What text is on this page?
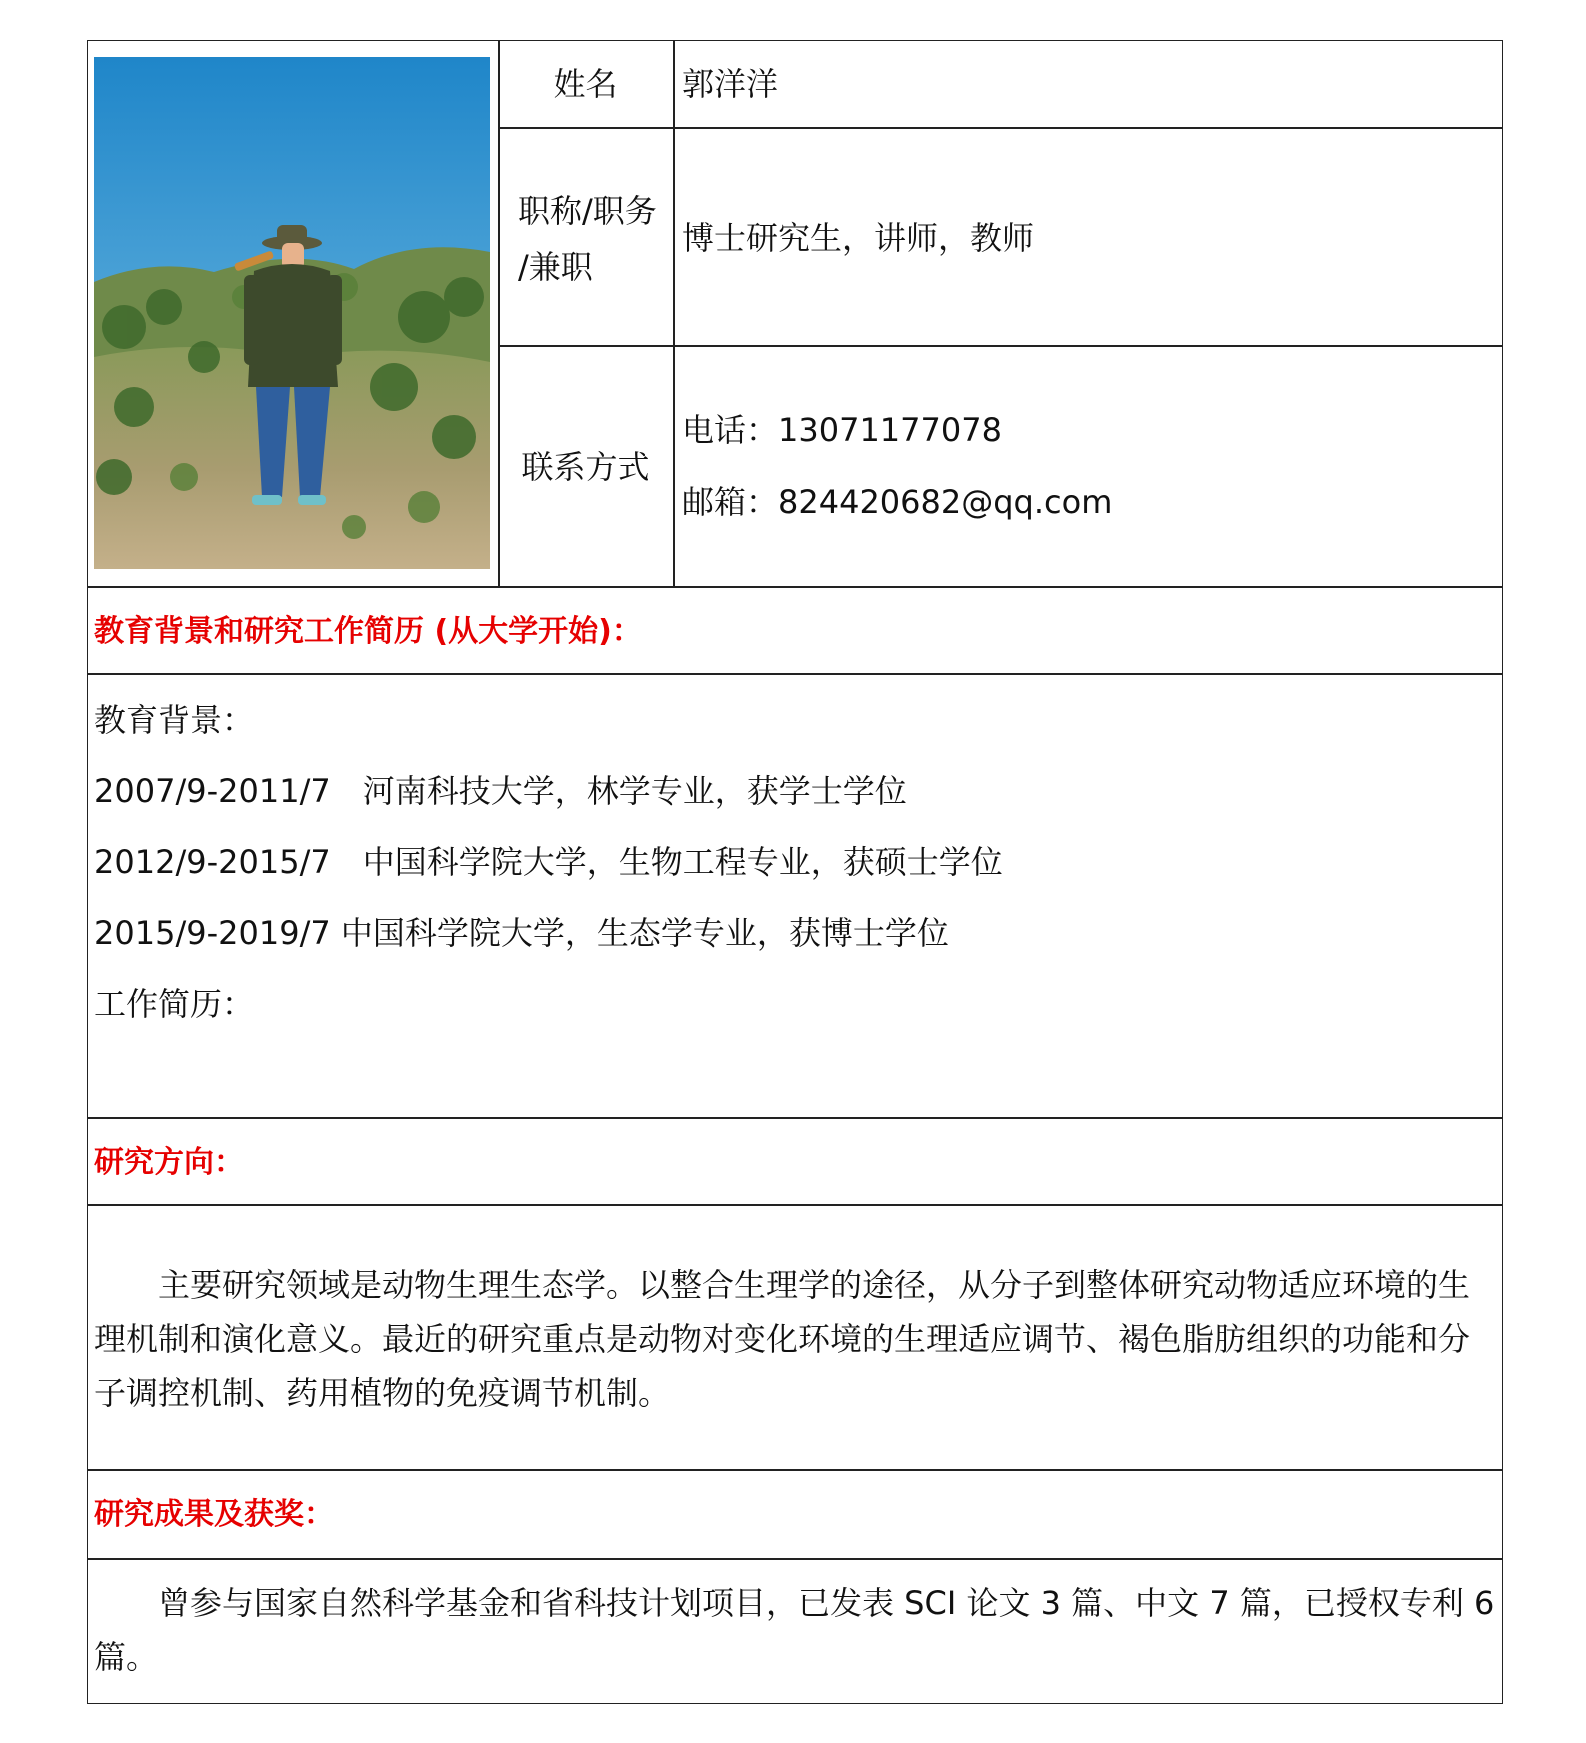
姓名	郭洋洋
职称/职务
/兼职
博士研究生，讲师，教师
联系方式
电话：13071177078
邮箱：824420682@qq.com
教育背景和研究工作简历 (从大学开始)：
教育背景：
2007/9-2011/7　河南科技大学，林学专业，获学士学位
2012/9-2015/7　中国科学院大学，生物工程专业，获硕士学位
2015/9-2019/7 中国科学院大学，生态学专业，获博士学位
工作简历：
研究方向：
主要研究领域是动物生理生态学。以整合生理学的途径，从分子到整体研究动物适应环境的生理机制和演化意义。最近的研究重点是动物对变化环境的生理适应调节、褐色脂肪组织的功能和分子调控机制、药用植物的免疫调节机制。
研究成果及获奖：
曾参与国家自然科学基金和省科技计划项目，已发表 SCI 论文 3 篇、中文 7 篇，已授权专利 6 篇。
